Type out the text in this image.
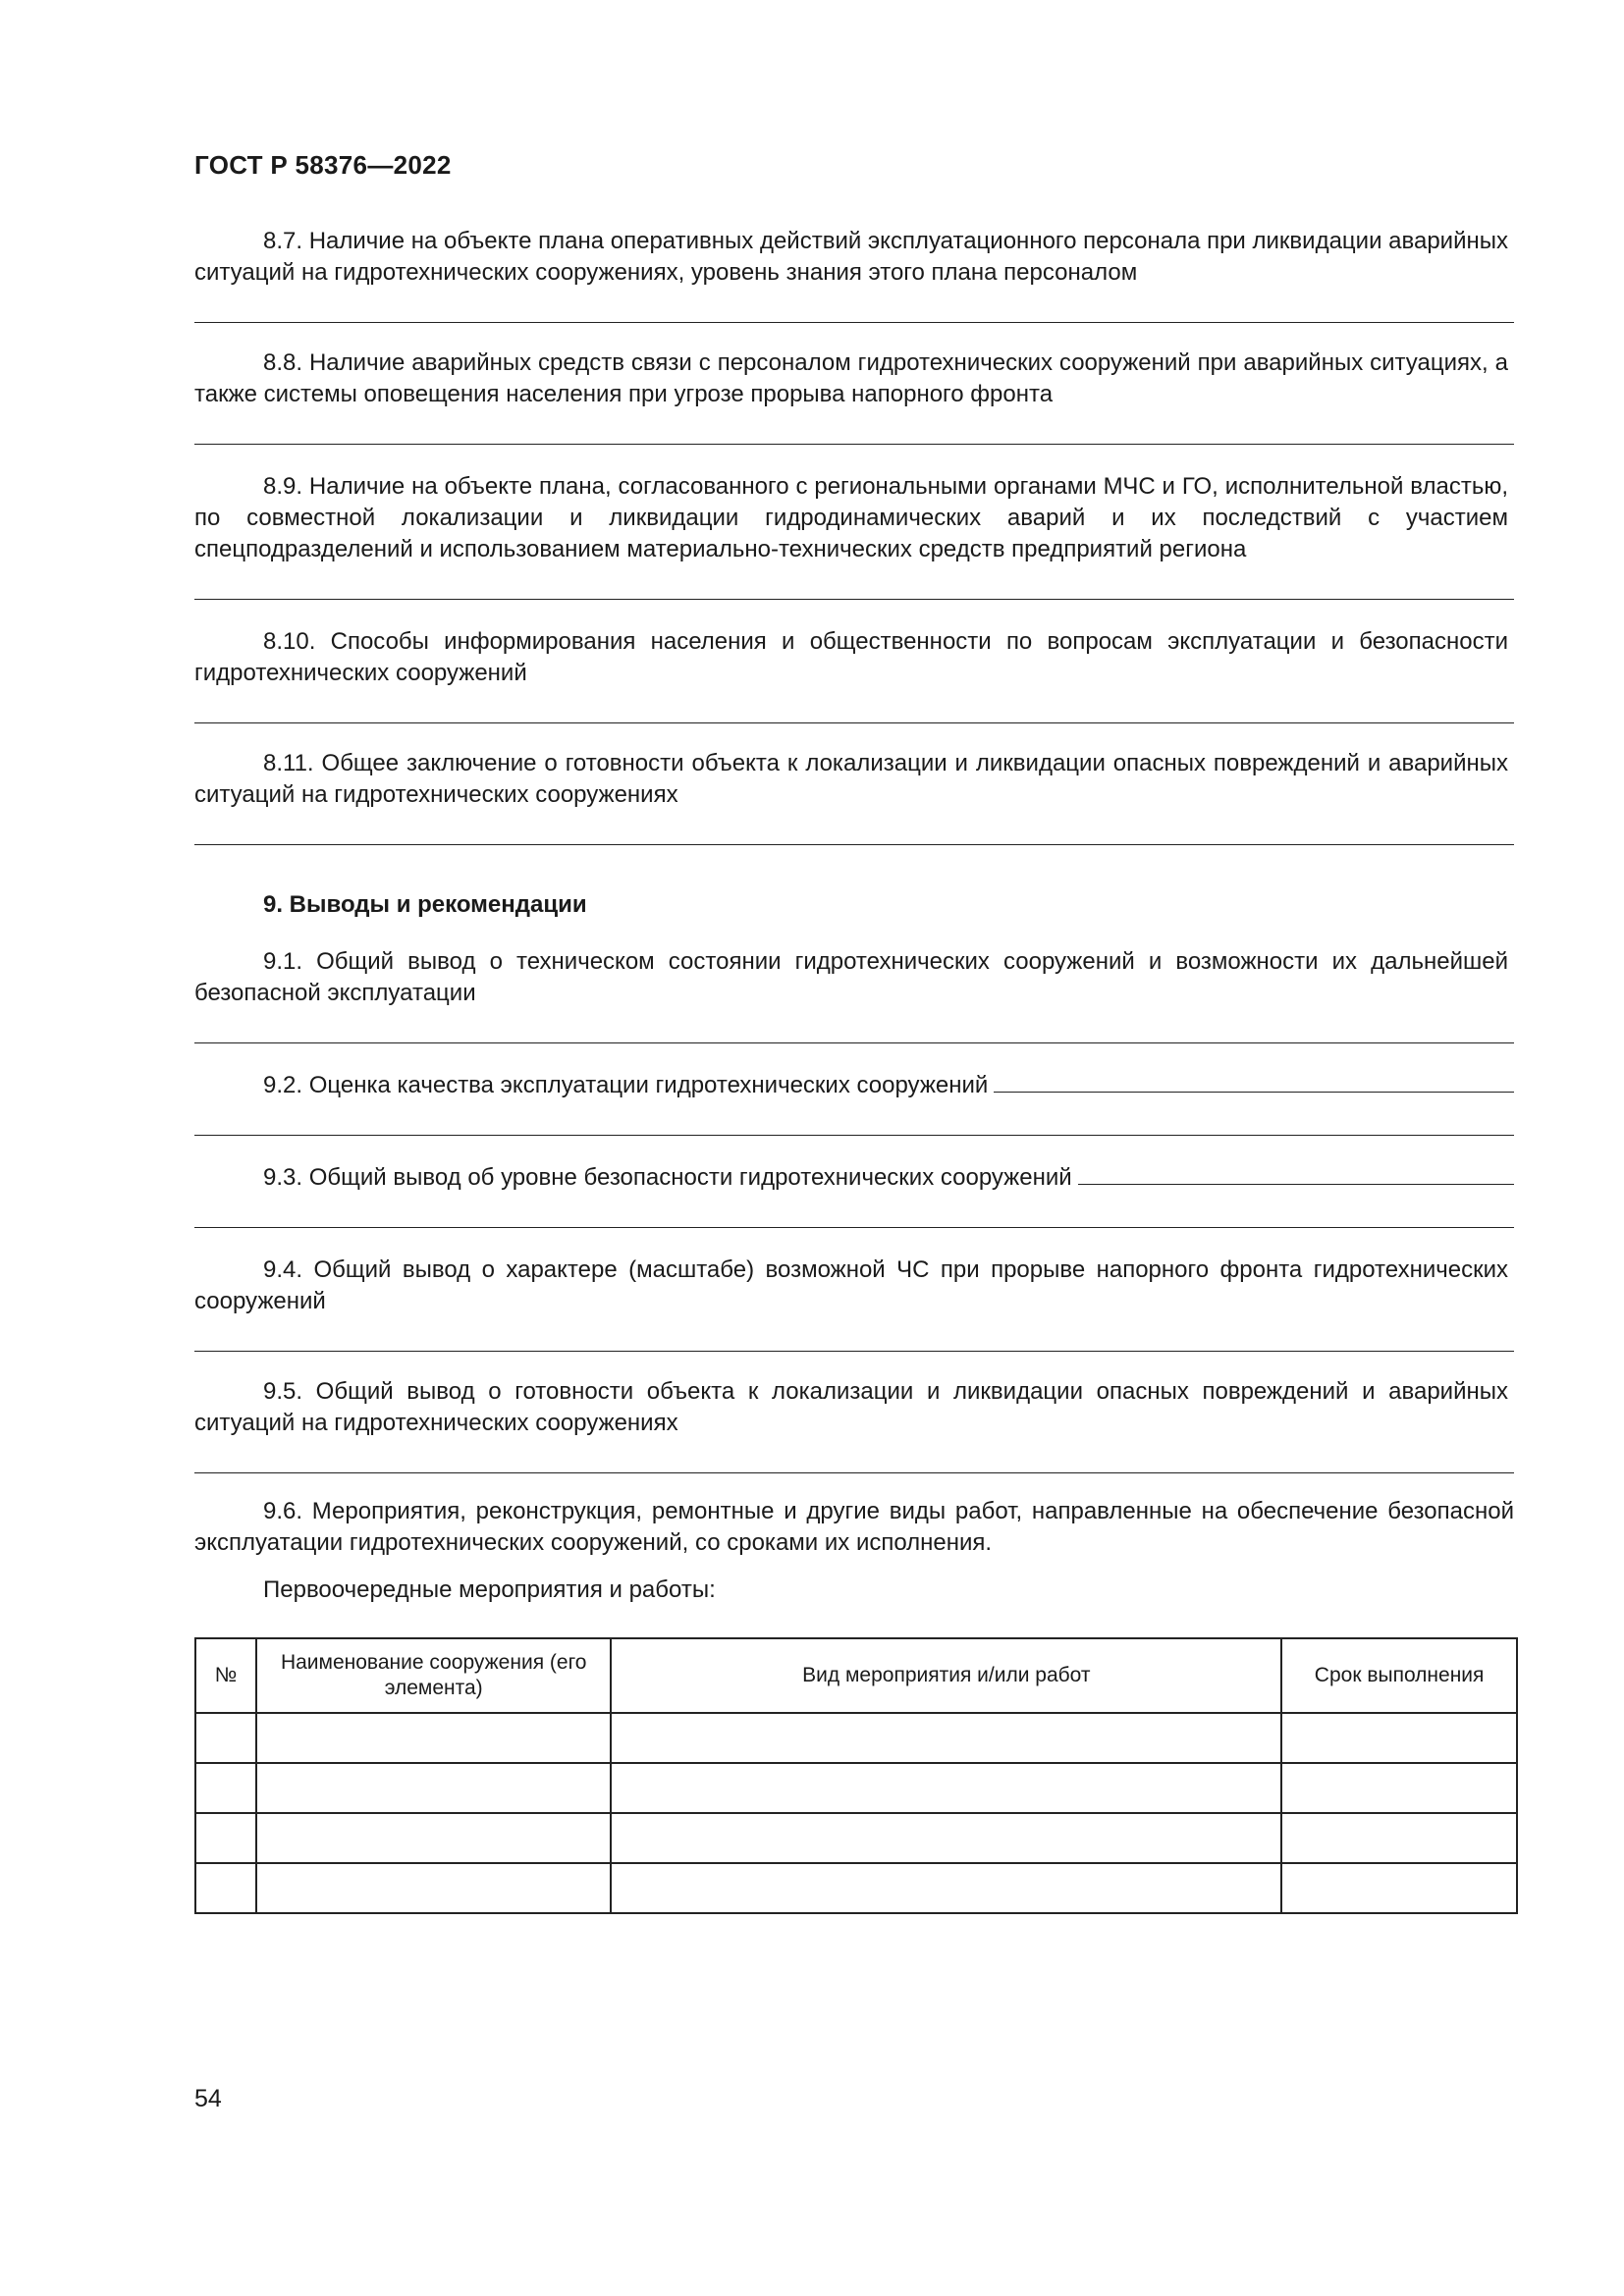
ГОСТ Р 58376—2022
8.7. Наличие на объекте плана оперативных действий эксплуатационного персонала при ликвидации аварийных ситуаций на гидротехнических сооружениях, уровень знания этого плана персоналом
8.8. Наличие аварийных средств связи с персоналом гидротехнических сооружений при аварийных ситуациях, а также системы оповещения населения при угрозе прорыва напорного фронта
8.9. Наличие на объекте плана, согласованного с региональными органами МЧС и ГО, исполнительной властью, по совместной локализации и ликвидации гидродинамических аварий и их последствий с участием спецподразделений и использованием материально-технических средств предприятий региона
8.10. Способы информирования населения и общественности по вопросам эксплуатации и безопасности гидротехнических сооружений
8.11. Общее заключение о готовности объекта к локализации и ликвидации опасных повреждений и аварийных ситуаций на гидротехнических сооружениях
9. Выводы и рекомендации
9.1. Общий вывод о техническом состоянии гидротехнических сооружений и возможности их дальнейшей безопасной эксплуатации
9.2. Оценка качества эксплуатации гидротехнических сооружений
9.3. Общий вывод об уровне безопасности гидротехнических сооружений
9.4. Общий вывод о характере (масштабе) возможной ЧС при прорыве напорного фронта гидротехнических сооружений
9.5. Общий вывод о готовности объекта к локализации и ликвидации опасных повреждений и аварийных ситуаций на гидротехнических сооружениях

9.6. Мероприятия, реконструкция, ремонтные и другие виды работ, направленные на обеспечение безопасной эксплуатации гидротехнических сооружений, со сроками их исполнения.

Первоочередные мероприятия и работы:
№	Наименование сооружения (его элемента)	Вид мероприятия и/или работ	Срок выполнения

54
